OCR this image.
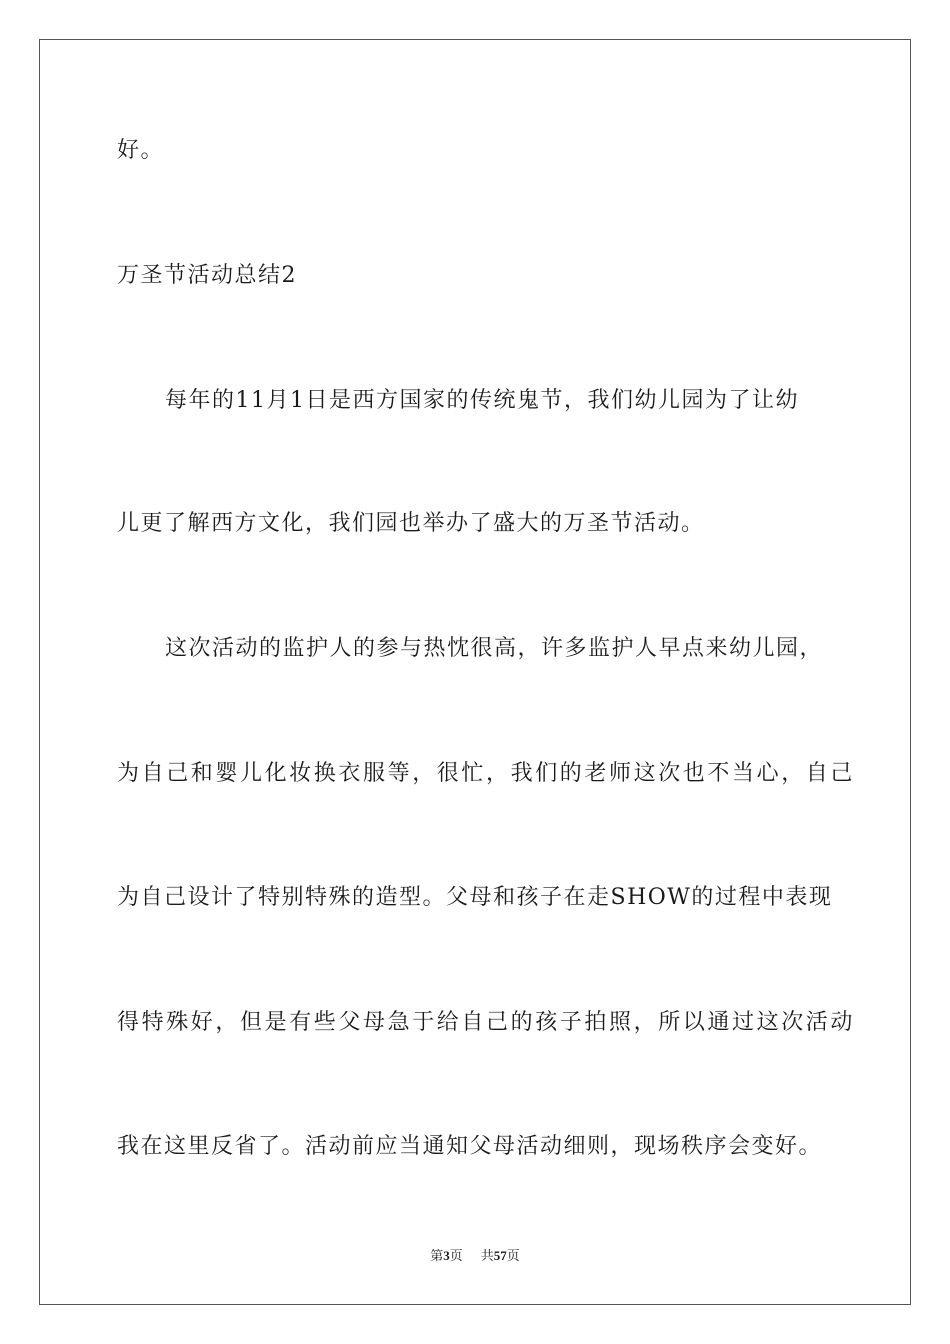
好。
万圣节活动总结2
每年的11月1日是西方国家的传统鬼节，我们幼儿园为了让幼
儿更了解西方文化，我们园也举办了盛大的万圣节活动。
这次活动的监护人的参与热忱很高，许多监护人早点来幼儿园，
为自己和婴儿化妆换衣服等，很忙，我们的老师这次也不当心，自己
为自己设计了特别特殊的造型。父母和孩子在走SHOW的过程中表现
得特殊好，但是有些父母急于给自己的孩子拍照，所以通过这次活动
我在这里反省了。活动前应当通知父母活动细则，现场秩序会变好。
第3页 共57页
